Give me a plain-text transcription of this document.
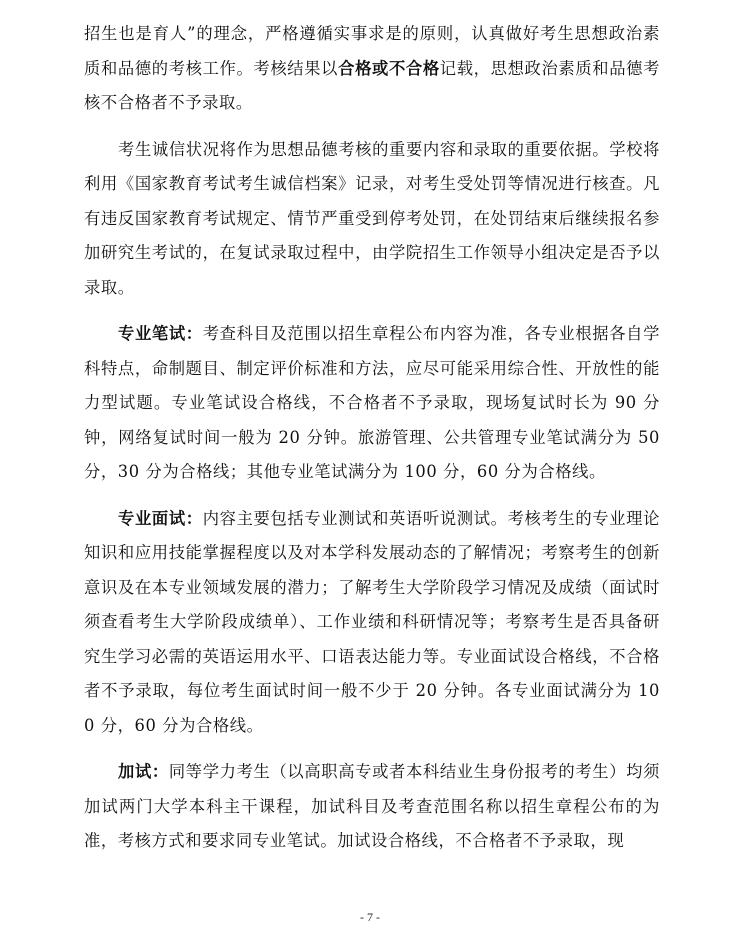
招生也是育人”的理念，严格遵循实事求是的原则，认真做好考生思想政治素质和品德的考核工作。考核结果以合格或不合格记载，思想政治素质和品德考核不合格者不予录取。

考生诚信状况将作为思想品德考核的重要内容和录取的重要依据。学校将利用《国家教育考试考生诚信档案》记录，对考生受处罚等情况进行核查。凡有违反国家教育考试规定、情节严重受到停考处罚，在处罚结束后继续报名参加研究生考试的，在复试录取过程中，由学院招生工作领导小组决定是否予以录取。

专业笔试：考查科目及范围以招生章程公布内容为准，各专业根据各自学科特点，命制题目、制定评价标准和方法，应尽可能采用综合性、开放性的能力型试题。专业笔试设合格线，不合格者不予录取，现场复试时长为 90 分钟，网络复试时间一般为 20 分钟。旅游管理、公共管理专业笔试满分为 50 分，30 分为合格线；其他专业笔试满分为 100 分，60 分为合格线。

专业面试：内容主要包括专业测试和英语听说测试。考核考生的专业理论知识和应用技能掌握程度以及对本学科发展动态的了解情况；考察考生的创新意识及在本专业领域发展的潜力；了解考生大学阶段学习情况及成绩（面试时须查看考生大学阶段成绩单）、工作业绩和科研情况等；考察考生是否具备研究生学习必需的英语运用水平、口语表达能力等。专业面试设合格线，不合格者不予录取，每位考生面试时间一般不少于 20 分钟。各专业面试满分为 100 分，60 分为合格线。

加试：同等学力考生（以高职高专或者本科结业生身份报考的考生）均须加试两门大学本科主干课程，加试科目及考查范围名称以招生章程公布的为准，考核方式和要求同专业笔试。加试设合格线，不合格者不予录取，现

- 7 -
